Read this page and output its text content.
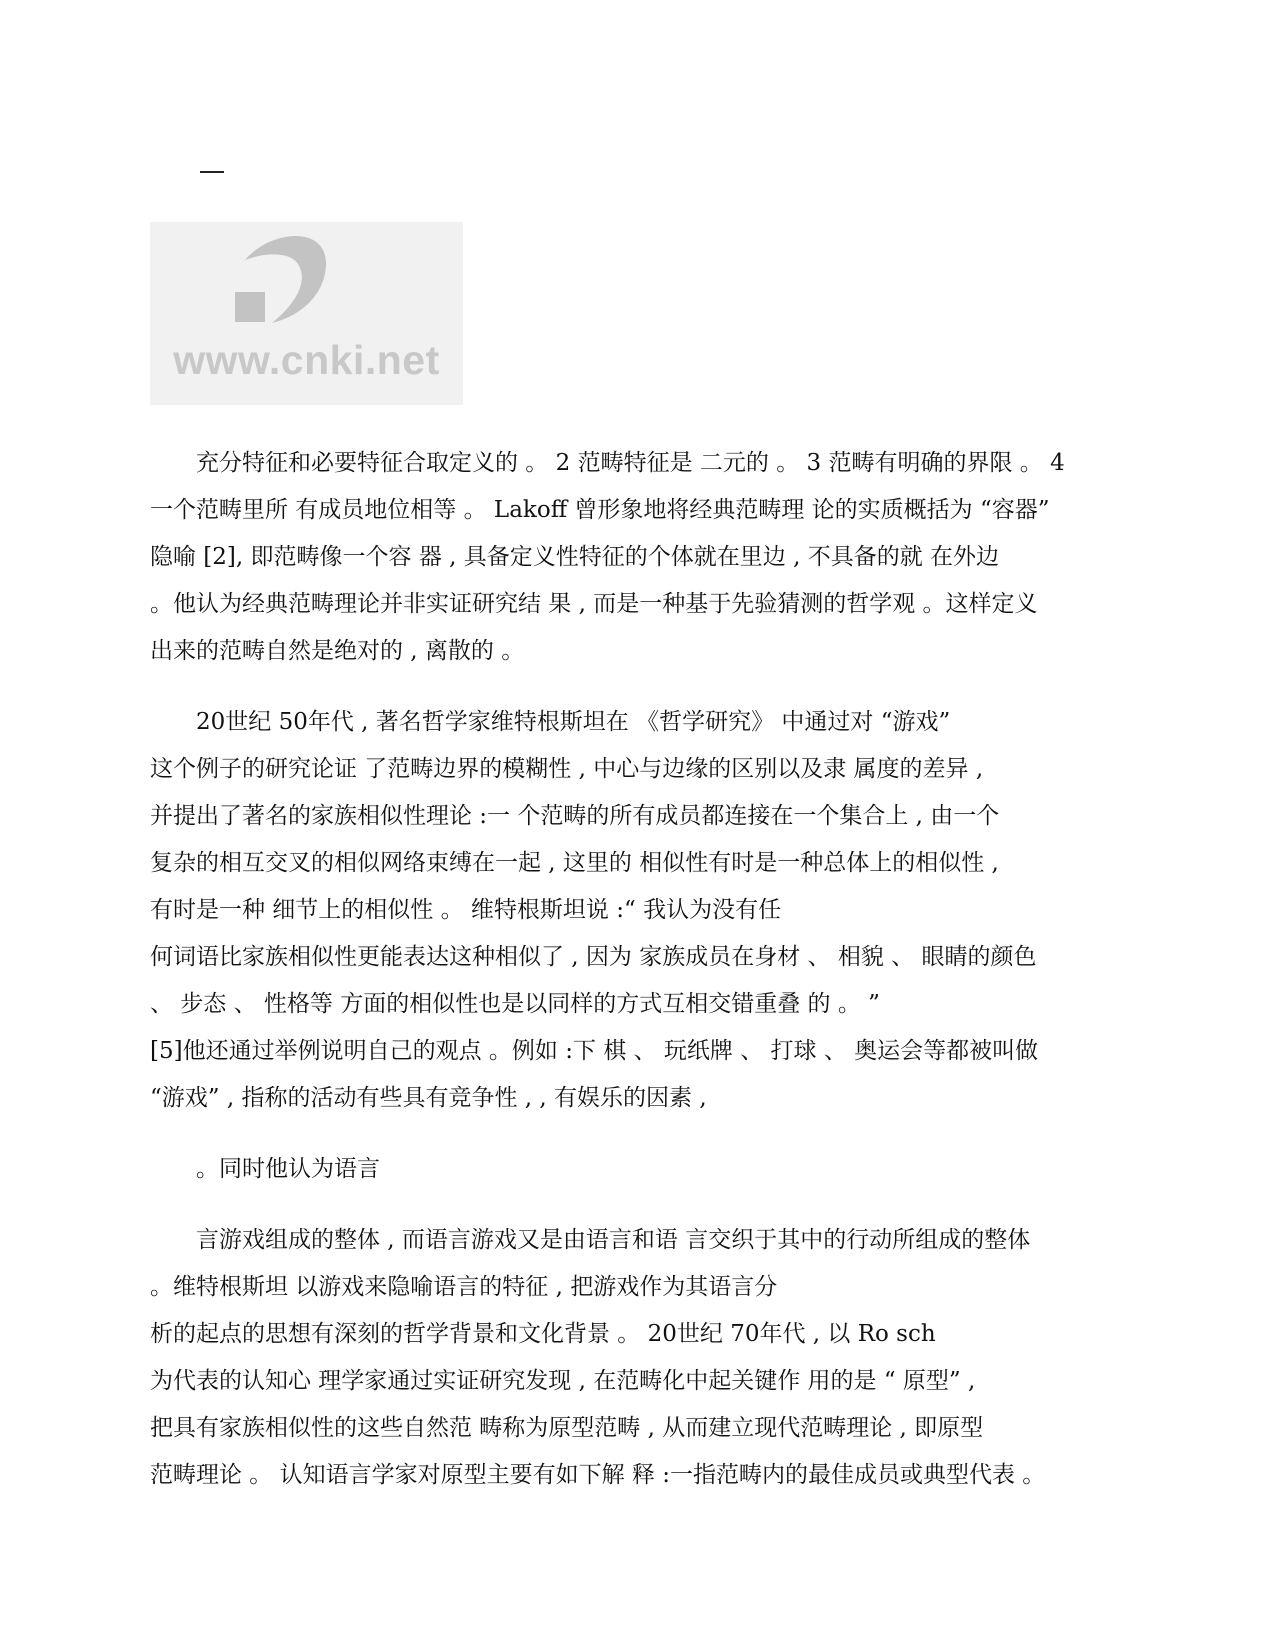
www.cnki.net
　　充分特征和必要特征合取定义的 。 2 范畴特征是 二元的 。 3 范畴有明确的界限 。 4
一个范畴里所 有成员地位相等 。 Lakoff 曾形象地将经典范畴理 论的实质概括为 “容器”
隐喻 [2], 即范畴像一个容 器 , 具备定义性特征的个体就在里边 , 不具备的就 在外边
。他认为经典范畴理论并非实证研究结 果 , 而是一种基于先验猜测的哲学观 。这样定义
出来的范畴自然是绝对的 , 离散的 。
　　20世纪 50年代 , 著名哲学家维特根斯坦在 《哲学研究》 中通过对 “游戏”
这个例子的研究论证 了范畴边界的模糊性 , 中心与边缘的区别以及隶 属度的差异 ,
并提出了著名的家族相似性理论 :一 个范畴的所有成员都连接在一个集合上 , 由一个
复杂的相互交叉的相似网络束缚在一起 , 这里的 相似性有时是一种总体上的相似性 ,
有时是一种 细节上的相似性 。 维特根斯坦说 :“ 我认为没有任
何词语比家族相似性更能表达这种相似了 , 因为 家族成员在身材 、 相貌 、 眼睛的颜色
、 步态 、 性格等 方面的相似性也是以同样的方式互相交错重叠 的 。 ”
[5]他还通过举例说明自己的观点 。例如 :下 棋 、 玩纸牌 、 打球 、 奥运会等都被叫做
“游戏” , 指称的活动有些具有竞争性 , , 有娱乐的因素 ,
　　。同时他认为语言
　　言游戏组成的整体 , 而语言游戏又是由语言和语 言交织于其中的行动所组成的整体
。维特根斯坦 以游戏来隐喻语言的特征 , 把游戏作为其语言分
析的起点的思想有深刻的哲学背景和文化背景 。 20世纪 70年代 , 以 Ro sch
为代表的认知心 理学家通过实证研究发现 , 在范畴化中起关键作 用的是 “ 原型” ,
把具有家族相似性的这些自然范 畴称为原型范畴 , 从而建立现代范畴理论 , 即原型
范畴理论 。 认知语言学家对原型主要有如下解 释 :一指范畴内的最佳成员或典型代表 。
